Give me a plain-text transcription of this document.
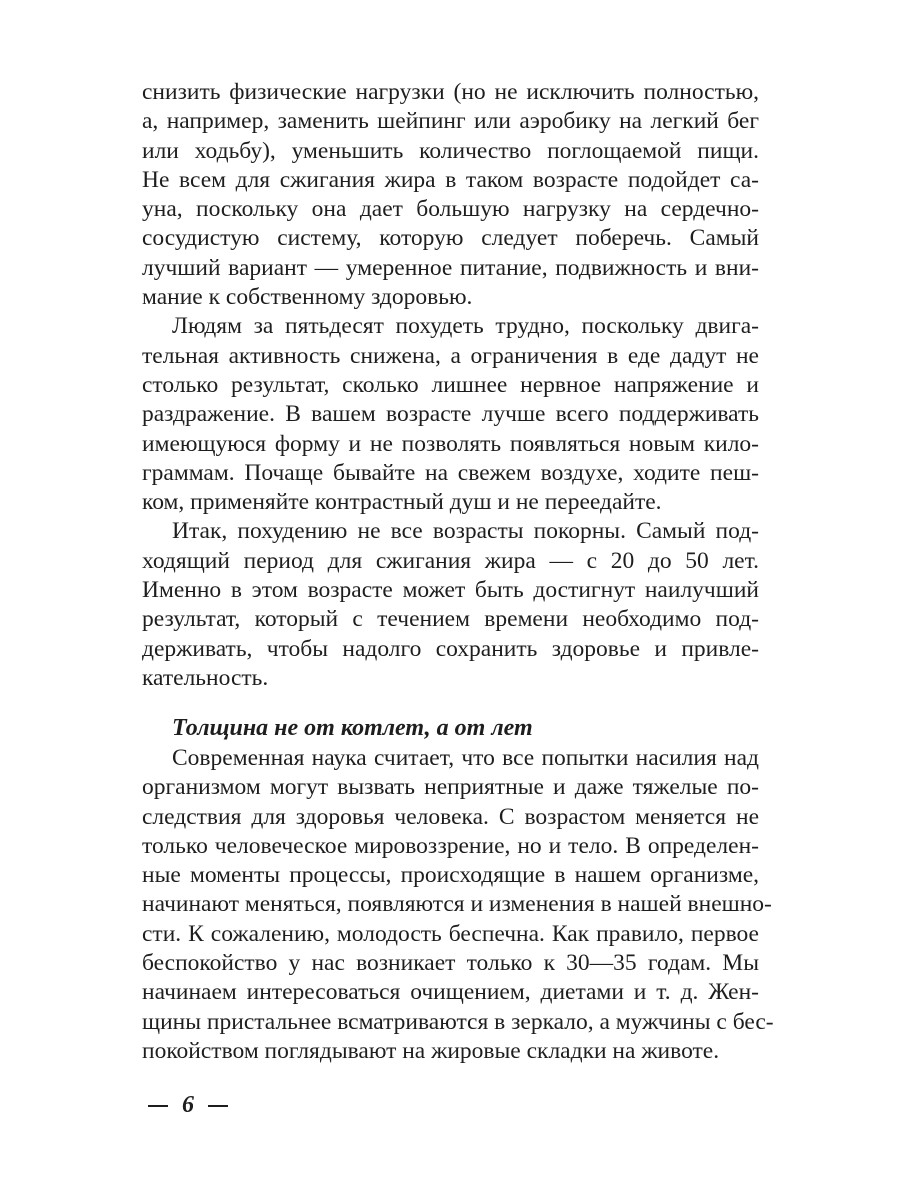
снизить физические нагрузки (но не исключить полностью,
а, например, заменить шейпинг или аэробику на легкий бег
или ходьбу), уменьшить количество поглощаемой пищи.
Не всем для сжигания жира в таком возрасте подойдет са-
уна, поскольку она дает большую нагрузку на сердечно-
сосудистую систему, которую следует поберечь. Самый
лучший вариант — умеренное питание, подвижность и вни-
мание к собственному здоровью.
Людям за пятьдесят похудеть трудно, поскольку двига-
тельная активность снижена, а ограничения в еде дадут не
столько результат, сколько лишнее нервное напряжение и
раздражение. В вашем возрасте лучше всего поддерживать
имеющуюся форму и не позволять появляться новым кило-
граммам. Почаще бывайте на свежем воздухе, ходите пеш-
ком, применяйте контрастный душ и не переедайте.
Итак, похудению не все возрасты покорны. Самый под-
ходящий период для сжигания жира — с 20 до 50 лет.
Именно в этом возрасте может быть достигнут наилучший
результат, который с течением времени необходимо под-
держивать, чтобы надолго сохранить здоровье и привле-
кательность.
Толщина не от котлет, а от лет
Современная наука считает, что все попытки насилия над
организмом могут вызвать неприятные и даже тяжелые по-
следствия для здоровья человека. С возрастом меняется не
только человеческое мировоззрение, но и тело. В определен-
ные моменты процессы, происходящие в нашем организме,
начинают меняться, появляются и изменения в нашей внешно-
сти. К сожалению, молодость беспечна. Как правило, первое
беспокойство у нас возникает только к 30—35 годам. Мы
начинаем интересоваться очищением, диетами и т. д. Жен-
щины пристальнее всматриваются в зеркало, а мужчины с бес-
покойством поглядывают на жировые складки на животе.
6
